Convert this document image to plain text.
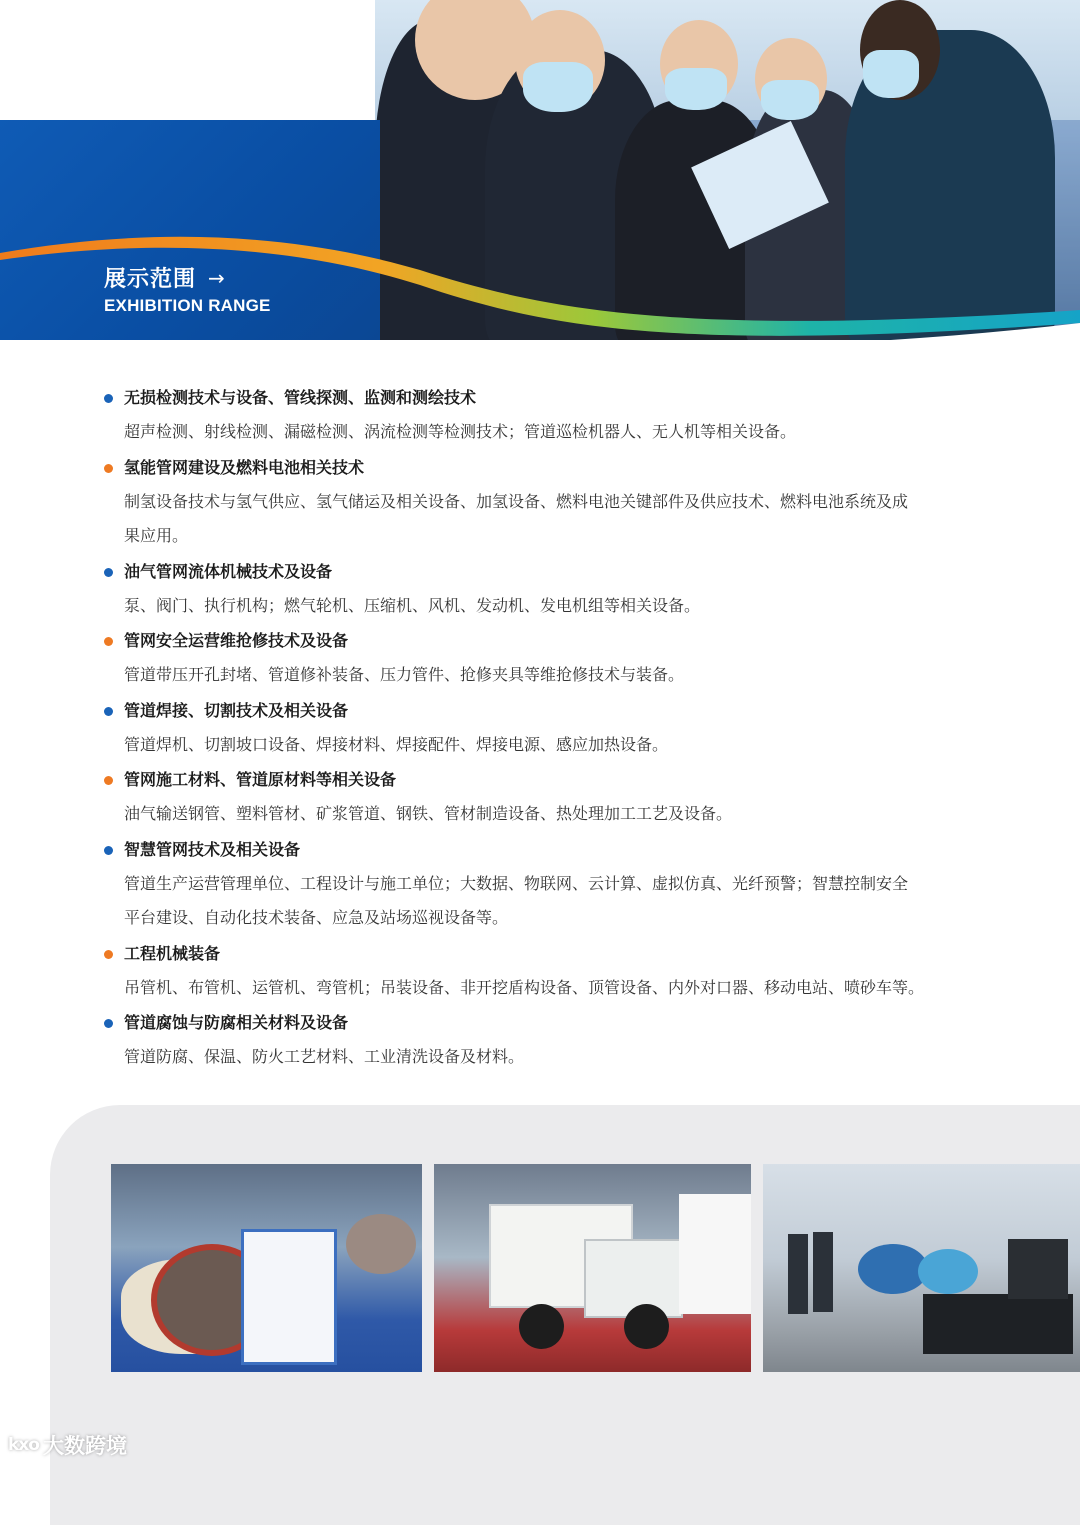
展示范围 →
EXHIBITION RANGE
无损检测技术与设备、管线探测、监测和测绘技术
超声检测、射线检测、漏磁检测、涡流检测等检测技术；管道巡检机器人、无人机等相关设备。
氢能管网建设及燃料电池相关技术
制氢设备技术与氢气供应、氢气储运及相关设备、加氢设备、燃料电池关键部件及供应技术、燃料电池系统及成
果应用。
油气管网流体机械技术及设备
泵、阀门、执行机构；燃气轮机、压缩机、风机、发动机、发电机组等相关设备。
管网安全运营维抢修技术及设备
管道带压开孔封堵、管道修补装备、压力管件、抢修夹具等维抢修技术与装备。
管道焊接、切割技术及相关设备
管道焊机、切割坡口设备、焊接材料、焊接配件、焊接电源、感应加热设备。
管网施工材料、管道原材料等相关设备
油气输送钢管、塑料管材、矿浆管道、钢铁、管材制造设备、热处理加工工艺及设备。
智慧管网技术及相关设备
管道生产运营管理单位、工程设计与施工单位；大数据、物联网、云计算、虚拟仿真、光纤预警；智慧控制安全
平台建设、自动化技术装备、应急及站场巡视设备等。
工程机械装备
吊管机、布管机、运管机、弯管机；吊装设备、非开挖盾构设备、顶管设备、内外对口器、移动电站、喷砂车等。
管道腐蚀与防腐相关材料及设备
管道防腐、保温、防火工艺材料、工业清洗设备及材料。
kxo 大数跨境
